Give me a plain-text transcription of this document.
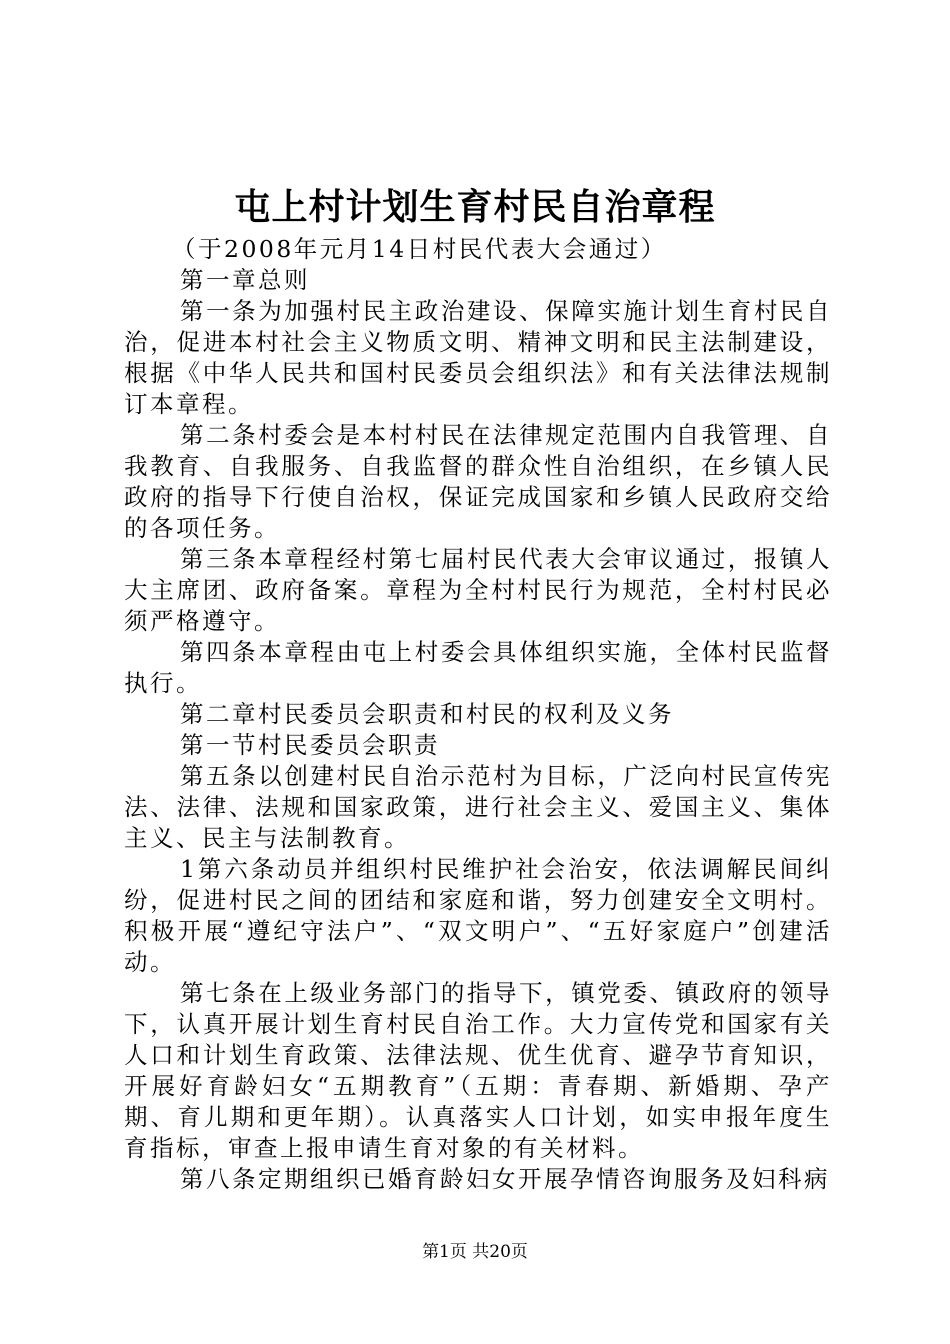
屯上村计划生育村民自治章程

（于2008年元月14日村民代表大会通过）

第一章总则

第一条为加强村民主政治建设、保障实施计划生育村民自治，促进本村社会主义物质文明、精神文明和民主法制建设，根据《中华人民共和国村民委员会组织法》和有关法律法规制订本章程。

第二条村委会是本村村民在法律规定范围内自我管理、自我教育、自我服务、自我监督的群众性自治组织，在乡镇人民政府的指导下行使自治权，保证完成国家和乡镇人民政府交给的各项任务。

第三条本章程经村第七届村民代表大会审议通过，报镇人大主席团、政府备案。章程为全村村民行为规范，全村村民必须严格遵守。

第四条本章程由屯上村委会具体组织实施，全体村民监督执行。

第二章村民委员会职责和村民的权利及义务

第一节村民委员会职责

第五条以创建村民自治示范村为目标，广泛向村民宣传宪法、法律、法规和国家政策，进行社会主义、爱国主义、集体主义、民主与法制教育。

1第六条动员并组织村民维护社会治安，依法调解民间纠纷，促进村民之间的团结和家庭和谐，努力创建安全文明村。积极开展“遵纪守法户”、“双文明户”、“五好家庭户”创建活动。

第七条在上级业务部门的指导下，镇党委、镇政府的领导下，认真开展计划生育村民自治工作。大力宣传党和国家有关人口和计划生育政策、法律法规、优生优育、避孕节育知识，开展好育龄妇女“五期教育”（五期：青春期、新婚期、孕产期、育儿期和更年期）。认真落实人口计划，如实申报年度生育指标，审查上报申请生育对象的有关材料。

第八条定期组织已婚育龄妇女开展孕情咨询服务及妇科病

第1页 共20页
